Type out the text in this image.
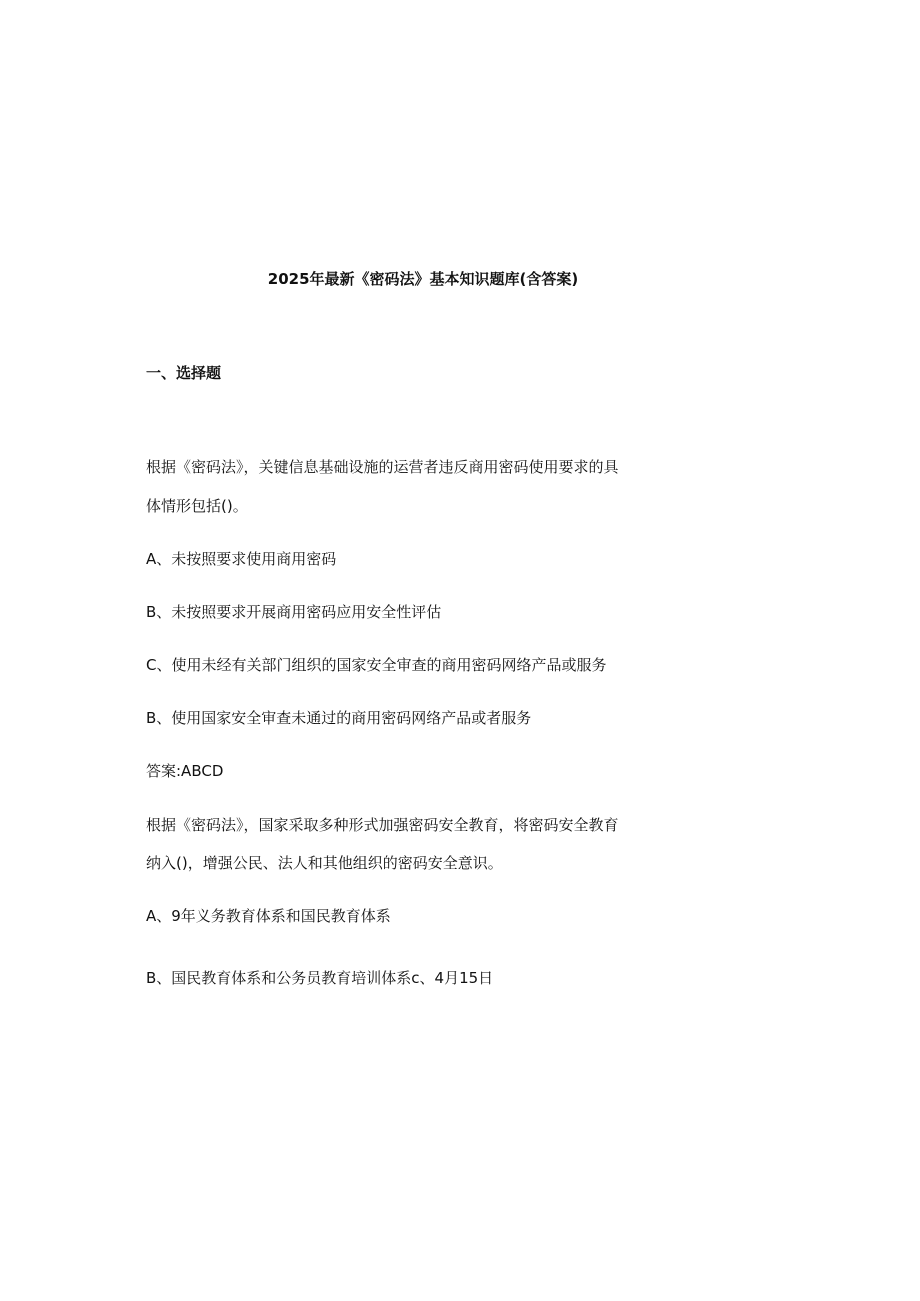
2025年最新《密码法》基本知识题库(含答案)
一、选择题
根据《密码法》，关键信息基础设施的运营者违反商用密码使用要求的具
体情形包括()。
A、未按照要求使用商用密码
B、未按照要求开展商用密码应用安全性评估
C、使用未经有关部门组织的国家安全审查的商用密码网络产品或服务
B、使用国家安全审查未通过的商用密码网络产品或者服务
答案:ABCD
根据《密码法》，国家采取多种形式加强密码安全教育，将密码安全教育
纳入()，增强公民、法人和其他组织的密码安全意识。
A、9年义务教育体系和国民教育体系
B、国民教育体系和公务员教育培训体系c、4月15日
